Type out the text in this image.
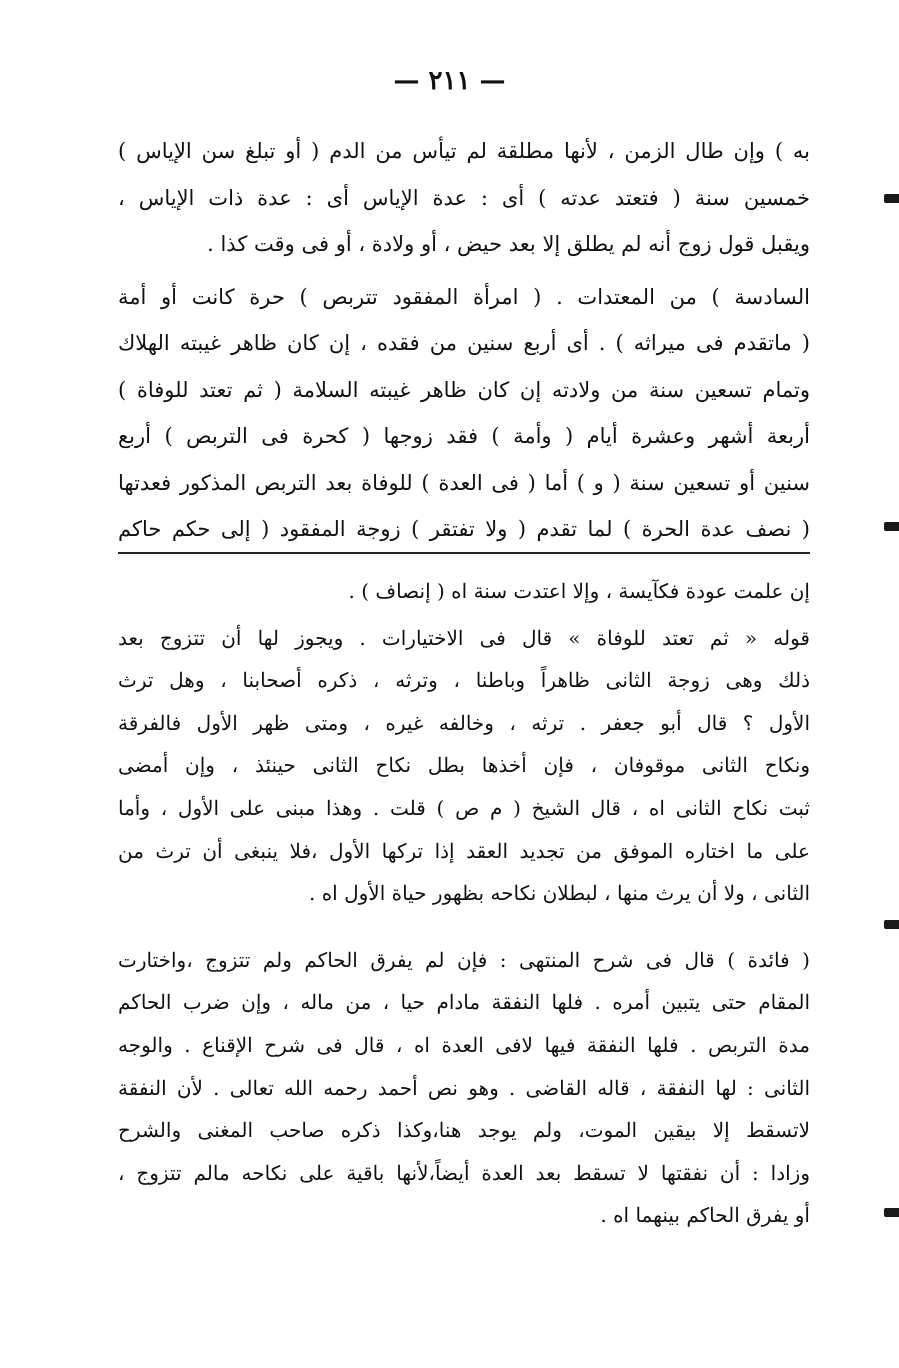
— ٢١١ —
به ) وإن طال الزمن ، لأنها مطلقة لم تيأس من الدم ( أو تبلغ سن الإياس )
خمسين سنة ( فتعتد عدته ) أى : عدة الإياس أى : عدة ذات الإياس ،
ويقبل قول زوج أنه لم يطلق إلا بعد حيض ، أو ولادة ، أو فى وقت كذا .
السادسة ) من المعتدات . ( امرأة المفقود تتربص ) حرة كانت أو أمة
( ماتقدم فى ميراثه ) . أى أربع سنين من فقده ، إن كان ظاهر غيبته الهلاك
وتمام تسعين سنة من ولادته إن كان ظاهر غيبته السلامة ( ثم تعتد للوفاة )
أربعة أشهر وعشرة أيام ( وأمة ) فقد زوجها ( كحرة فى التربص ) أربع
سنين أو تسعين سنة ( و ) أما ( فى العدة ) للوفاة بعد التربص المذكور فعدتها
( نصف عدة الحرة ) لما تقدم ( ولا تفتقر ) زوجة المفقود ( إلى حكم حاكم
إن علمت عودة فكآيسة ، وإلا اعتدت سنة اه ( إنصاف ) .
قوله « ثم تعتد للوفاة » قال فى الاختيارات . ويجوز لها أن تتزوج بعد
ذلك وهى زوجة الثانى ظاهراً وباطنا ، وترثه ، ذكره أصحابنا ، وهل ترث
الأول ؟ قال أبو جعفر . ترثه ، وخالفه غيره ، ومتى ظهر الأول فالفرقة
ونكاح الثانى موقوفان ، فإن أخذها بطل نكاح الثانى حينئذ ، وإن أمضى
ثبت نكاح الثانى اه ، قال الشيخ ( م ص ) قلت . وهذا مبنى على الأول ، وأما
على ما اختاره الموفق من تجديد العقد إذا تركها الأول ،فلا ينبغى أن ترث من
الثانى ، ولا أن يرث منها ، لبطلان نكاحه بظهور حياة الأول اه .
( فائدة ) قال فى شرح المنتهى : فإن لم يفرق الحاكم ولم تتزوج ،واختارت
المقام حتى يتبين أمره . فلها النفقة مادام حيا ، من ماله ، وإن ضرب الحاكم
مدة التربص . فلها النفقة فيها لافى العدة اه ، قال فى شرح الإقناع . والوجه
الثانى : لها النفقة ، قاله القاضى . وهو نص أحمد رحمه الله تعالى . لأن النفقة
لاتسقط إلا بيقين الموت، ولم يوجد هنا،وكذا ذكره صاحب المغنى والشرح
وزادا : أن نفقتها لا تسقط بعد العدة أيضاً،لأنها باقية على نكاحه مالم تتزوج ،
أو يفرق الحاكم بينهما اه .
